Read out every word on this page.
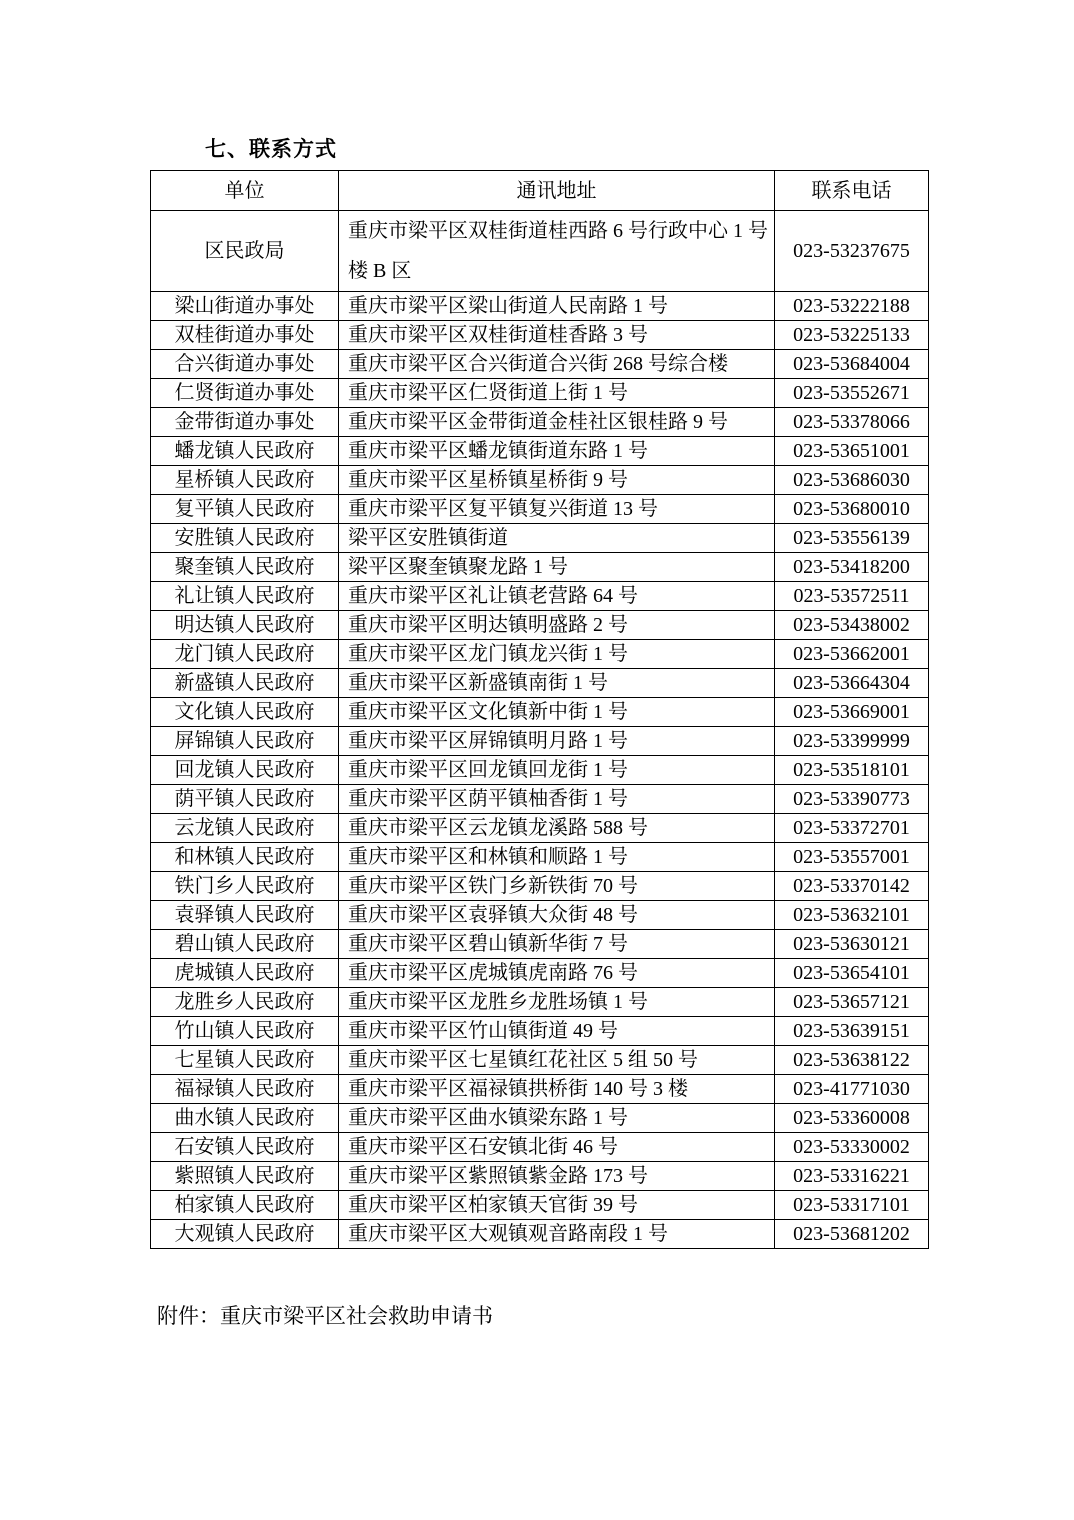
七、联系方式
单位	通讯地址	联系电话
区民政局	重庆市梁平区双桂街道桂西路 6 号行政中心 1 号楼 B 区	023-53237675
梁山街道办事处	重庆市梁平区梁山街道人民南路 1 号	023-53222188
双桂街道办事处	重庆市梁平区双桂街道桂香路 3 号	023-53225133
合兴街道办事处	重庆市梁平区合兴街道合兴街 268 号综合楼	023-53684004
仁贤街道办事处	重庆市梁平区仁贤街道上街 1 号	023-53552671
金带街道办事处	重庆市梁平区金带街道金桂社区银桂路 9 号	023-53378066
蟠龙镇人民政府	重庆市梁平区蟠龙镇街道东路 1 号	023-53651001
星桥镇人民政府	重庆市梁平区星桥镇星桥街 9 号	023-53686030
复平镇人民政府	重庆市梁平区复平镇复兴街道 13 号	023-53680010
安胜镇人民政府	梁平区安胜镇街道	023-53556139
聚奎镇人民政府	梁平区聚奎镇聚龙路 1 号	023-53418200
礼让镇人民政府	重庆市梁平区礼让镇老营路 64 号	023-53572511
明达镇人民政府	重庆市梁平区明达镇明盛路 2 号	023-53438002
龙门镇人民政府	重庆市梁平区龙门镇龙兴街 1 号	023-53662001
新盛镇人民政府	重庆市梁平区新盛镇南街 1 号	023-53664304
文化镇人民政府	重庆市梁平区文化镇新中街 1 号	023-53669001
屏锦镇人民政府	重庆市梁平区屏锦镇明月路 1 号	023-53399999
回龙镇人民政府	重庆市梁平区回龙镇回龙街 1 号	023-53518101
荫平镇人民政府	重庆市梁平区荫平镇柚香街 1 号	023-53390773
云龙镇人民政府	重庆市梁平区云龙镇龙溪路 588 号	023-53372701
和林镇人民政府	重庆市梁平区和林镇和顺路 1 号	023-53557001
铁门乡人民政府	重庆市梁平区铁门乡新铁街 70 号	023-53370142
袁驿镇人民政府	重庆市梁平区袁驿镇大众街 48 号	023-53632101
碧山镇人民政府	重庆市梁平区碧山镇新华街 7 号	023-53630121
虎城镇人民政府	重庆市梁平区虎城镇虎南路 76 号	023-53654101
龙胜乡人民政府	重庆市梁平区龙胜乡龙胜场镇 1 号	023-53657121
竹山镇人民政府	重庆市梁平区竹山镇街道 49 号	023-53639151
七星镇人民政府	重庆市梁平区七星镇红花社区 5 组 50 号	023-53638122
福禄镇人民政府	重庆市梁平区福禄镇拱桥街 140 号 3 楼	023-41771030
曲水镇人民政府	重庆市梁平区曲水镇梁东路 1 号	023-53360008
石安镇人民政府	重庆市梁平区石安镇北街 46 号	023-53330002
紫照镇人民政府	重庆市梁平区紫照镇紫金路 173 号	023-53316221
柏家镇人民政府	重庆市梁平区柏家镇天官街 39 号	023-53317101
大观镇人民政府	重庆市梁平区大观镇观音路南段 1 号	023-53681202
附件：重庆市梁平区社会救助申请书
